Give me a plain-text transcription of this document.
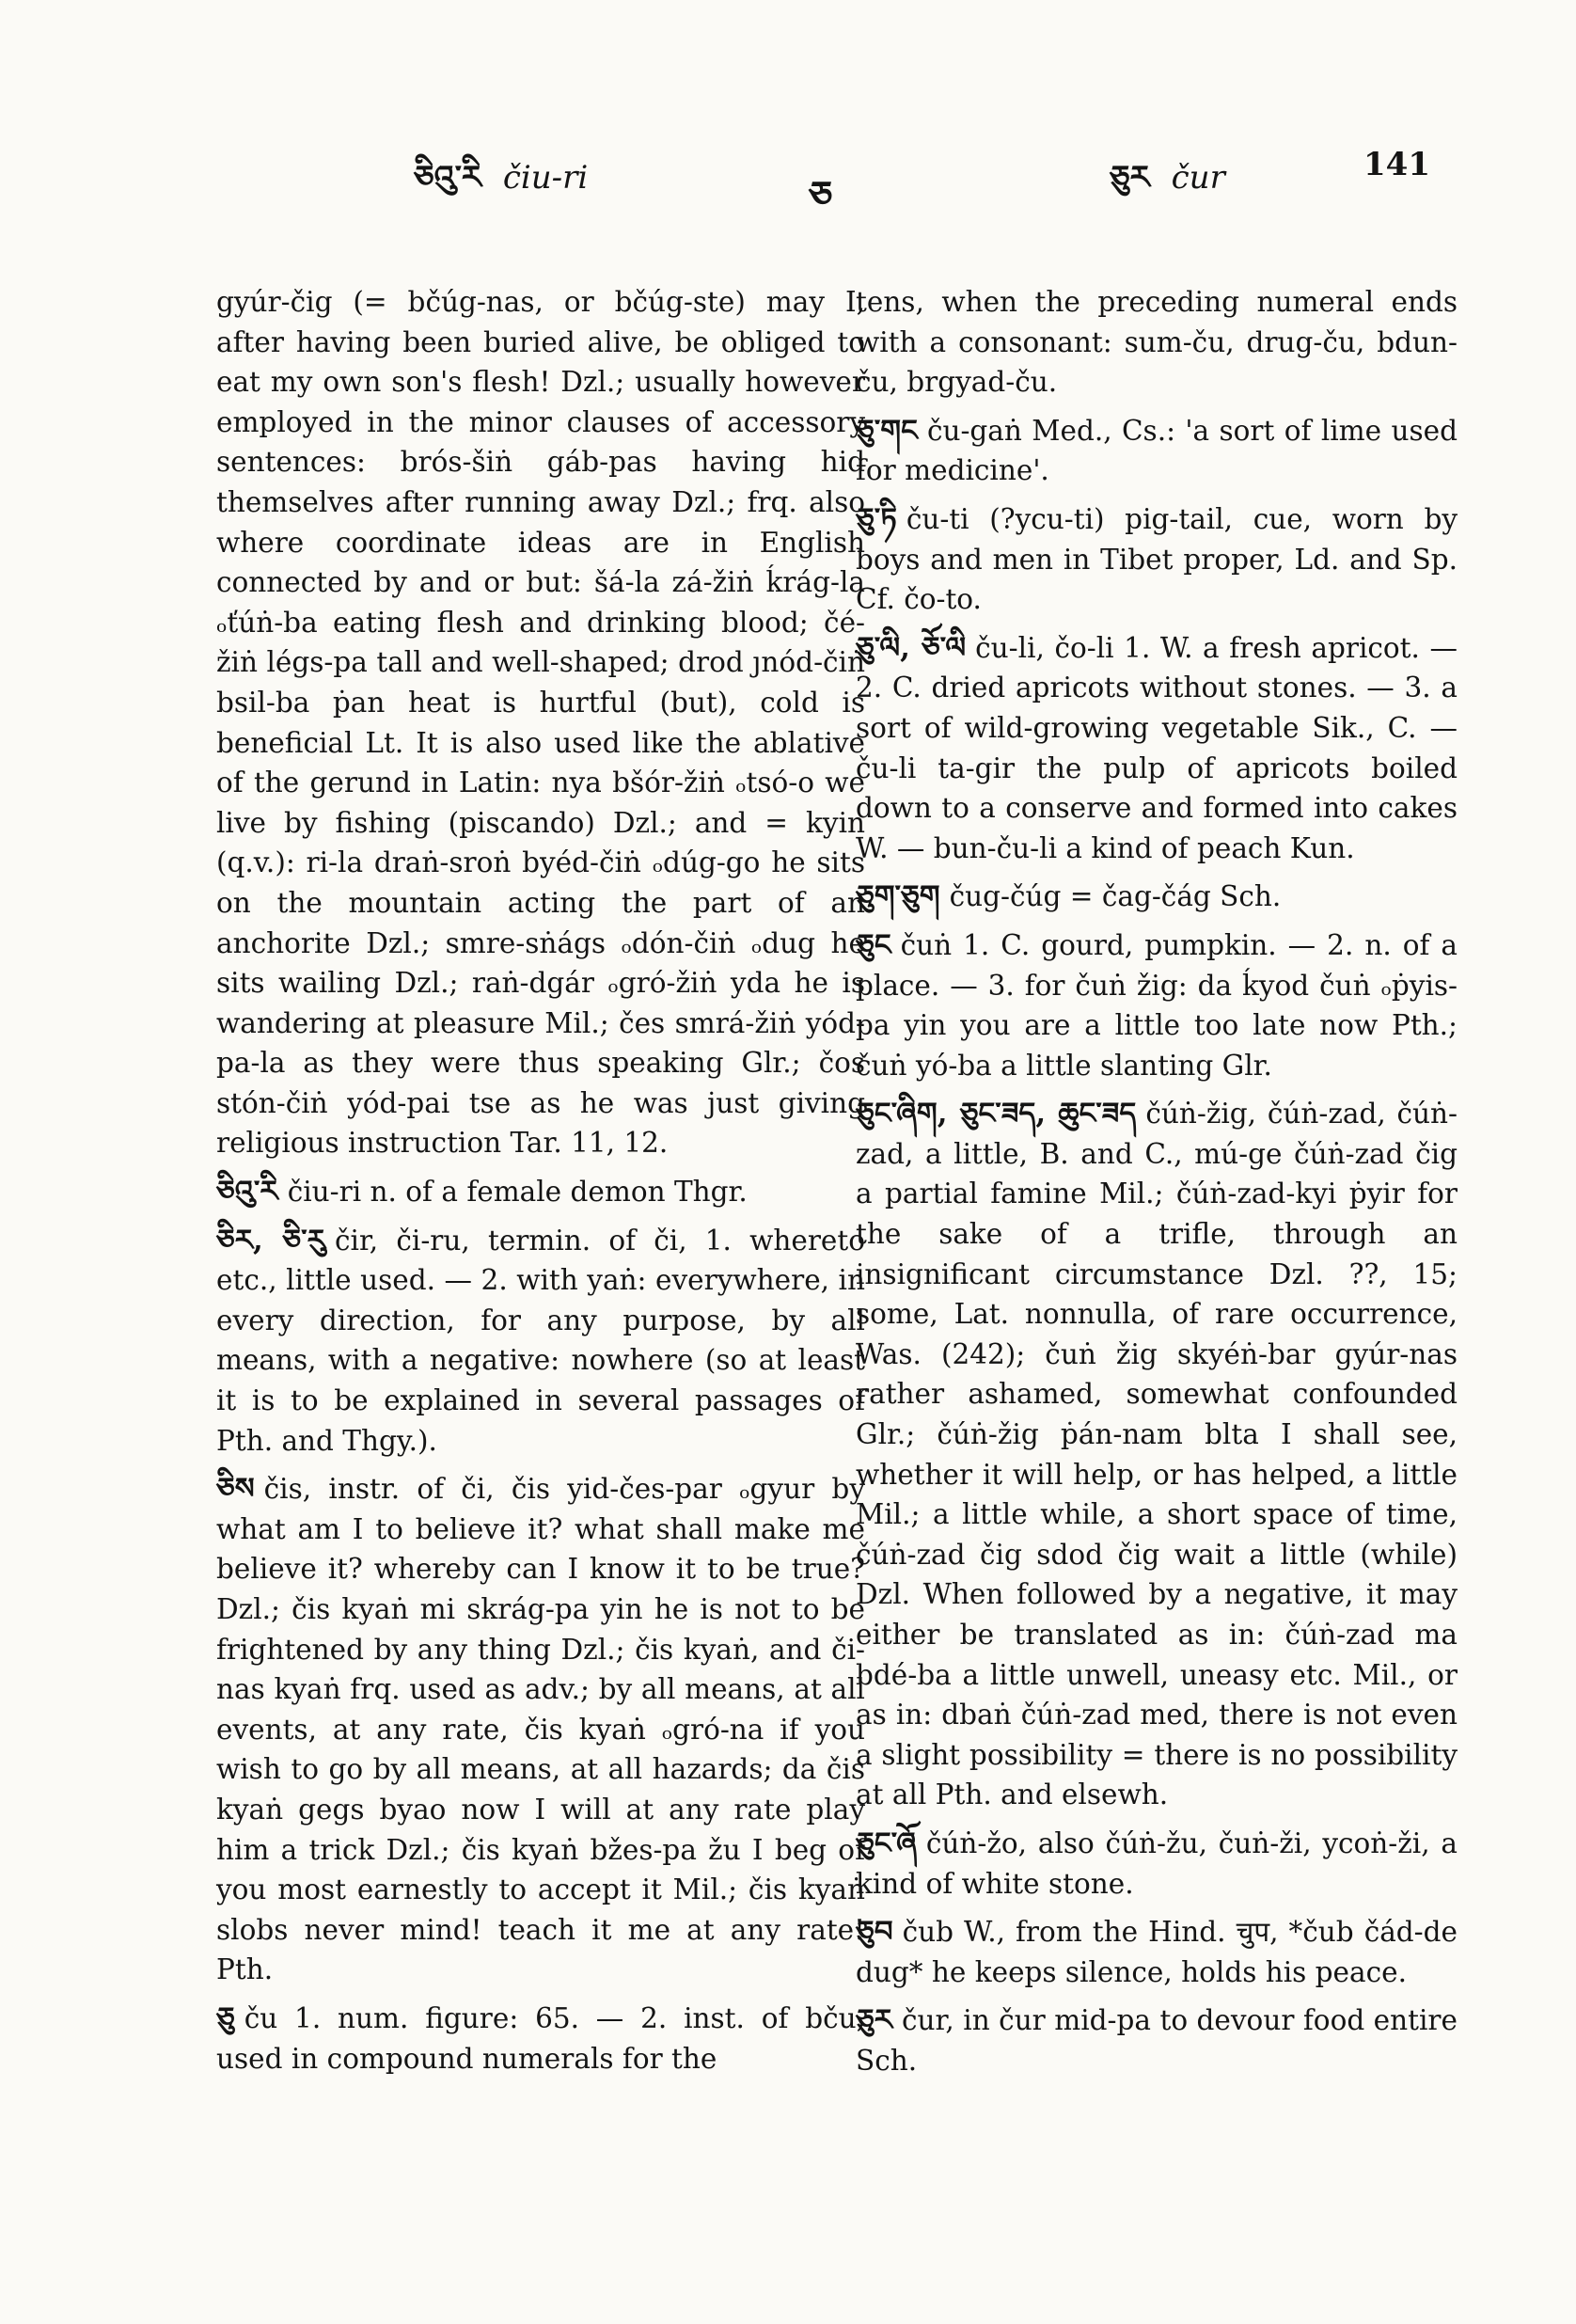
ཅིའུ་རི čiu-ri	ཅ	ཅུར čur	141

gyúr-čig (= bčúg-nas, or bčúg-ste) may I, after having been buried alive, be obliged to eat my own son's flesh! Dzl.; usually however employed in the minor clauses of accessory sentences: brós-šiṅ gáb-pas having hid themselves after running away Dzl.; frq. also where coordinate ideas are in English connected by and or but: šá-la zá-žiṅ ḱrág-la ₒťúṅ-ba eating flesh and drinking blood; čé-žiṅ légs-pa tall and well-shaped; drod ȷnód-čiṅ bsil-ba ṗan heat is hurtful (but), cold is beneficial Lt. It is also used like the ablative of the gerund in Latin: nya bšór-žiṅ ₒtsó-o we live by fishing (piscando) Dzl.; and = kyin (q.v.): ri-la draṅ-sroṅ byéd-čiṅ ₒdúg-go he sits on the mountain acting the part of an anchorite Dzl.; smre-sṅágs ₒdón-čiṅ ₒdug he sits wailing Dzl.; raṅ-dgár ₒgró-žiṅ yda he is wandering at pleasure Mil.; čes smrá-žiṅ yód-pa-la as they were thus speaking Glr.; čos stón-čiṅ yód-pai tse as he was just giving religious instruction Tar. 11, 12.

ཅིའུ་རི čiu-ri n. of a female demon Thgr.

ཅིར, ཅི་རུ čir, či-ru, termin. of či, 1. whereto etc., little used. — 2. with yaṅ: everywhere, in every direction, for any purpose, by all means, with a negative: nowhere (so at least it is to be explained in several passages of Pth. and Thgy.).

ཅིས čis, instr. of či, čis yid-čes-par ₒgyur by what am I to believe it? what shall make me believe it? whereby can I know it to be true? Dzl.; čis kyaṅ mi skrág-pa yin he is not to be frightened by any thing Dzl.; čis kyaṅ, and či-nas kyaṅ frq. used as adv.; by all means, at all events, at any rate, čis kyaṅ ₒgró-na if you wish to go by all means, at all hazards; da čis kyaṅ gegs byao now I will at any rate play him a trick Dzl.; čis kyaṅ bžes-pa žu I beg of you most earnestly to accept it Mil.; čis kyaṅ slobs never mind! teach it me at any rate! Pth.

ཅུ ču 1. num. figure: 65. — 2. inst. of bču, used in compound numerals for the

tens, when the preceding numeral ends with a consonant: sum-ču, drug-ču, bdun-ču, brgyad-ču.

ཅུ་གང ču-gaṅ Med., Cs.: 'a sort of lime used for medicine'.

ཅུ་ཏི ču-ti (?ycu-ti) pig-tail, cue, worn by boys and men in Tibet proper, Ld. and Sp. Cf. čo-to.

ཅུ་ལི, ཅོ་ལི ču-li, čo-li 1. W. a fresh apricot. — 2. C. dried apricots without stones. — 3. a sort of wild-growing vegetable Sik., C. — ču-li ta-gir the pulp of apricots boiled down to a conserve and formed into cakes W. — bun-ču-li a kind of peach Kun.

ཅུག་ཅུག čug-čúg = čag-čág Sch.

ཅུང čuṅ 1. C. gourd, pumpkin. — 2. n. of a place. — 3. for čuṅ žig: da ḱyod čuṅ ₒṗyis-pa yin you are a little too late now Pth.; čuṅ yó-ba a little slanting Glr.

ཅུང་ཞིག, ཅུང་ཟད, ཆུང་ཟད čúṅ-žig, čúṅ-zad, čúṅ-zad, a little, B. and C., mú-ge čúṅ-zad čig a partial famine Mil.; čúṅ-zad-kyi ṗyir for the sake of a trifle, through an insignificant circumstance Dzl. ??, 15; some, Lat. nonnulla, of rare occurrence, Was. (242); čuṅ žig skyéṅ-bar gyúr-nas rather ashamed, somewhat confounded Glr.; čúṅ-žig ṗán-nam blta I shall see, whether it will help, or has helped, a little Mil.; a little while, a short space of time, čúṅ-zad čig sdod čig wait a little (while) Dzl. When followed by a negative, it may either be translated as in: čúṅ-zad ma bdé-ba a little unwell, uneasy etc. Mil., or as in: dbaṅ čúṅ-zad med, there is not even a slight possibility = there is no possibility at all Pth. and elsewh.

ཅུང་ཞོ čúṅ-žo, also čúṅ-žu, čuṅ-ži, ycoṅ-ži, a kind of white stone.

ཅུབ čub W., from the Hind. चुप, *čub čád-de dug* he keeps silence, holds his peace.

ཅུར čur, in čur mid-pa to devour food entire Sch.
